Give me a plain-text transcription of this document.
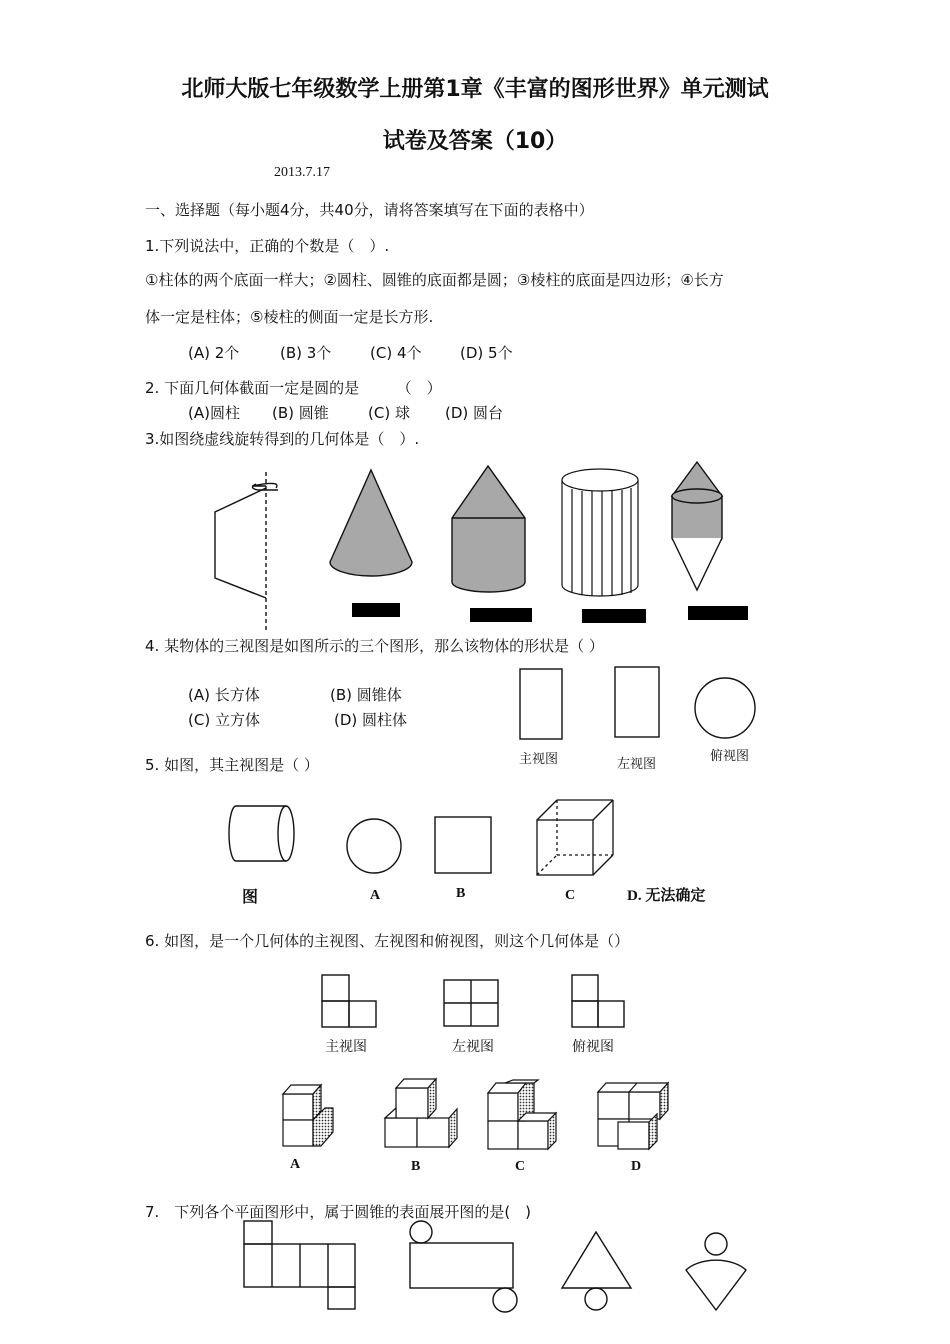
北师大版七年级数学上册第1章《丰富的图形世界》单元测试
试卷及答案（10）
2013.7.17
一、选择题（每小题4分，共40分，请将答案填写在下面的表格中）
1.下列说法中，正确的个数是（　）.
①柱体的两个底面一样大；②圆柱、圆锥的底面都是圆；③棱柱的底面是四边形；④长方
体一定是柱体；⑤棱柱的侧面一定是长方形.
(A) 2个	(B) 3个	(C) 4个	(D) 5个
2. 下面几何体截面一定是圆的是　　　（　）
(A)圆柱 (B) 圆锥	(C) 球 (D) 圆台
3.如图绕虚线旋转得到的几何体是（　）.
4. 某物体的三视图是如图所示的三个图形，那么该物体的形状是（ ）
(A) 长方体	(B) 圆锥体
(C) 立方体	(D) 圆柱体
主视图	左视图
俯视图
5. 如图，其主视图是（ ）
图	A	B	C	D. 无法确定
6. 如图，是一个几何体的主视图、左视图和俯视图，则这个几何体是（）
主视图	左视图	俯视图
A	B	C	D
7.　下列各个平面图形中，属于圆锥的表面展开图的是(　)
